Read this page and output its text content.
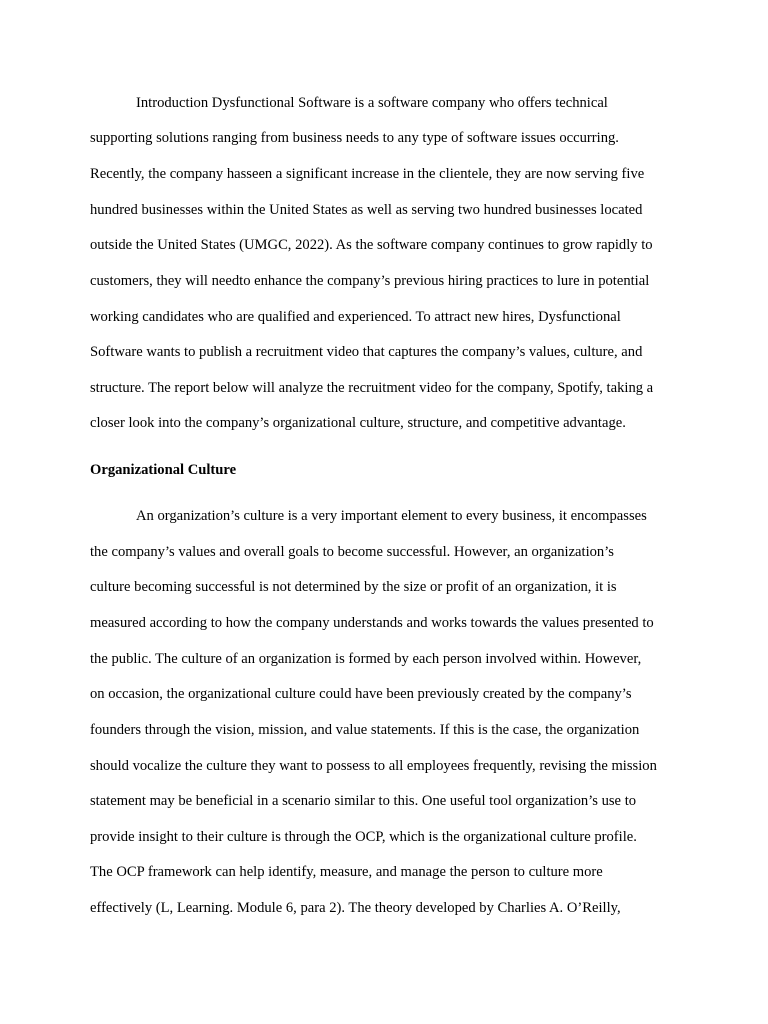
Introduction Dysfunctional Software is a software company who offers technical
supporting solutions ranging from business needs to any type of software issues occurring.
Recently, the company hasseen a significant increase in the clientele, they are now serving five
hundred businesses within the United States as well as serving two hundred businesses located
outside the United States (UMGC, 2022). As the software company continues to grow rapidly to
customers, they will needto enhance the company’s previous hiring practices to lure in potential
working candidates who are qualified and experienced. To attract new hires, Dysfunctional
Software wants to publish a recruitment video that captures the company’s values, culture, and
structure. The report below will analyze the recruitment video for the company, Spotify, taking a
closer look into the company’s organizational culture, structure, and competitive advantage.
Organizational Culture
An organization’s culture is a very important element to every business, it encompasses
the company’s values and overall goals to become successful. However, an organization’s
culture becoming successful is not determined by the size or profit of an organization, it is
measured according to how the company understands and works towards the values presented to
the public. The culture of an organization is formed by each person involved within. However,
on occasion, the organizational culture could have been previously created by the company’s
founders through the vision, mission, and value statements. If this is the case, the organization
should vocalize the culture they want to possess to all employees frequently, revising the mission
statement may be beneficial in a scenario similar to this. One useful tool organization’s use to
provide insight to their culture is through the OCP, which is the organizational culture profile.
The OCP framework can help identify, measure, and manage the person to culture more
effectively (L, Learning. Module 6, para 2). The theory developed by Charlies A. O’Reilly,
